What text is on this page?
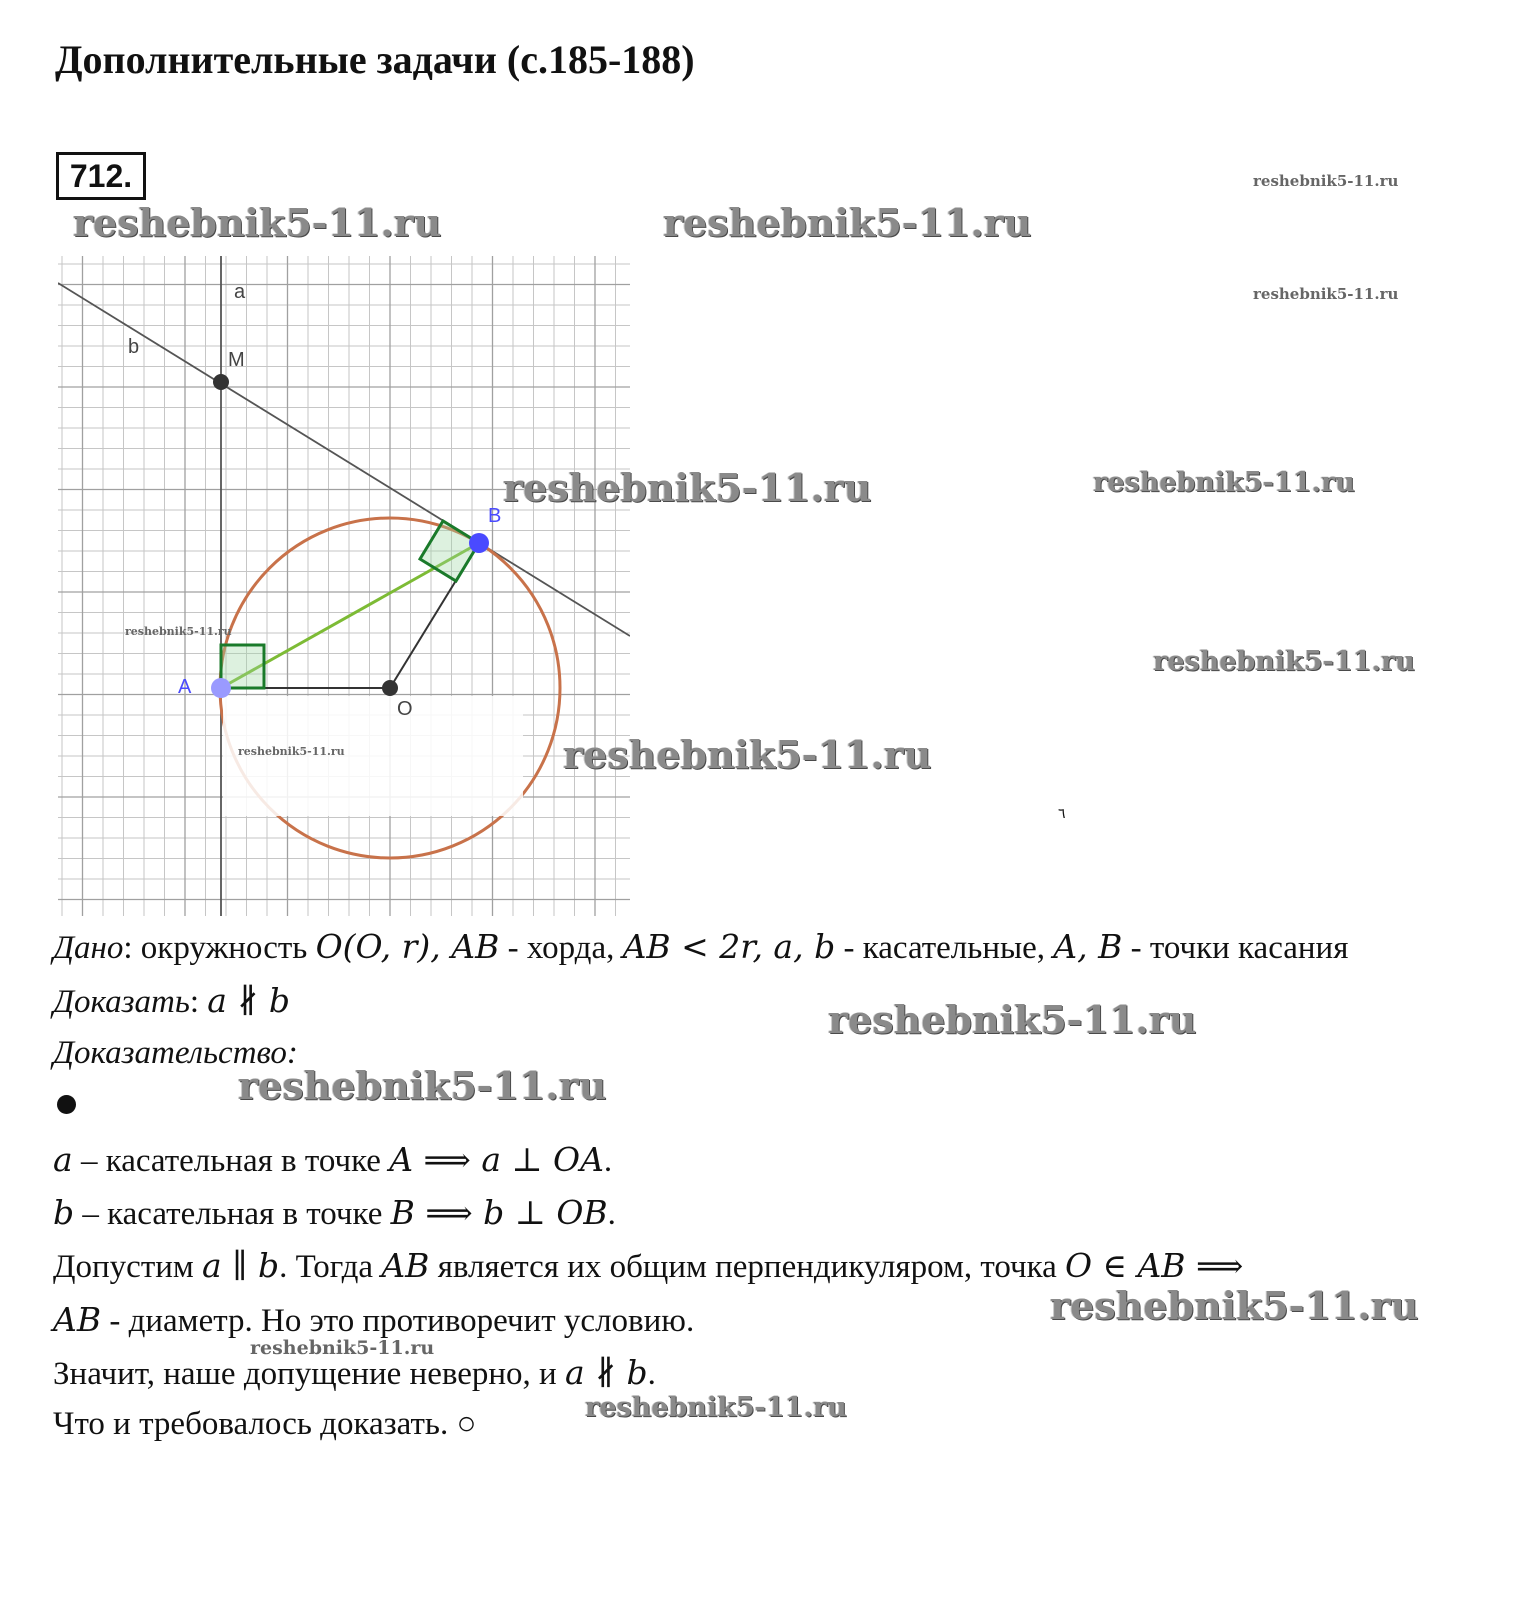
Дополнительные задачи (с.185-188)
712.
reshebnik5-11.ru	reshebnik5-11.ru
reshebnik5-11.ru
reshebnik5-11.ru
a
b
M
B
A
O
reshebnik5-11.ru	reshebnik5-11.ru
reshebnik5-11.ru
reshebnik5-11.ru
reshebnik5-11.ru	reshebnik5-11.ru
٦
Дано: окружность O(O, r), AB - хорда, AB < 2r, a, b - касательные, A, B - точки касания
Доказать: a ∦ b	reshebnik5-11.ru
Доказательство:
reshebnik5-11.ru
a – касательная в точке A ⟹ a ⊥ OA.
b – касательная в точке B ⟹ b ⊥ OB.
Допустим a ∥ b. Тогда AB является их общим перпендикуляром, точка O ∈ AB ⟹
reshebnik5-11.ru
AB - диаметр. Но это противоречит условию.
reshebnik5-11.ru
Значит, наше допущение неверно, и a ∦ b.
reshebnik5-11.ru
Что и требовалось доказать. ○
